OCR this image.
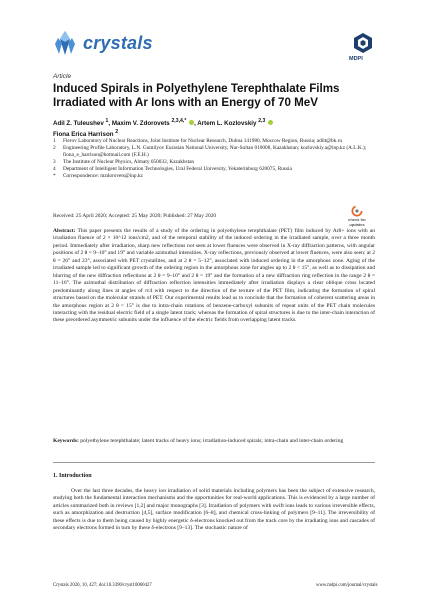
crystals
MDPI
Article
Induced Spirals in Polyethylene Terephthalate Films Irradiated with Ar Ions with an Energy of 70 MeV
Adil Z. Tuleushev $^1$, Maxim V. Zdorovets $^{2,3,4,*}$ , Artem L. Kozlovskiy $^{2,3}$
Fiona Erica Harrison $^2$
1	Flerov Laboratory of Nuclear Reactions, Joint Institute for Nuclear Research, Dubna 141980, Moscow Region, Russia; adilt@bk.ru
2	Engineering Profile Laboratory, L.N. Gumilyov Eurasian National University, Nur-Sultan 010008, Kazakhstan; kozlovskiy.a@inp.kz (A.L.K.); fiona_e_harrison@hotmail.com (F.E.H.)
3	The Institute of Nuclear Physics, Almaty 050032, Kazakhstan
4	Department of Intelligent Information Technologies, Ural Federal University, Yekaterinburg 620075, Russia
*	Correspondence: mzdorovets@inp.kz
check for updates
Received: 25 April 2020; Accepted: 25 May 2020; Published: 27 May 2020

Abstract: This paper presents the results of a study of the ordering in polyethylene terephthalate (PET) film induced by Ar8+ ions with an irradiation fluence of 2 × 10^12 ions/cm2, and of the temporal stability of the induced ordering in the irradiated sample, over a three month period. Immediately after irradiation, sharp new reflections not seen at lower fluences were observed in X-ray diffraction patterns, with angular positions of 2 θ = 9–10° and 19° and variable azimuthal intensities. X-ray reflections, previously observed at lower fluences, were also seen: at 2 θ = 26° and 23°, associated with PET crystallites, and at 2 θ = 5–12°, associated with induced ordering in the amorphous zone. Aging of the irradiated sample led to significant growth of the ordering region in the amorphous zone for angles up to 2 θ < 15°, as well as to dissipation and blurring of the new diffraction reflections at 2 θ = 9–10° and 2 θ = 19° and the formation of a new diffraction ring reflection in the range 2 θ = 11–16°. The azimuthal distribution of diffraction reflection intensities immediately after irradiation displays a clear oblique cross located predominantly along lines at angles of π/4 with respect to the direction of the texture of the PET film, indicating the formation of spiral structures based on the molecular strands of PET. Our experimental results lead us to conclude that the formation of coherent scattering areas in the amorphous region at 2 θ < 15° is due to intra-chain rotations of benzene-carboxyl subunits of repeat units of the PET chain molecules interacting with the residual electric field of a single latent track; whereas the formation of spiral structures is due to the inter-chain interaction of these preordered asymmetric subunits under the influence of the electric fields from overlapping latent tracks.

Keywords: polyethylene terephthalate; latent tracks of heavy ions; irradiation-induced spirals; intra-chain and inter-chain ordering

1. Introduction

Over the last three decades, the heavy ion irradiation of solid materials including polymers has been the subject of extensive research, studying both the fundamental interaction mechanisms and the opportunities for real-world applications. This is evidenced by a large number of articles summarized both in reviews [1,2] and major monographs [3]. Irradiation of polymers with swift ions leads to various irreversible effects, such as amorphization and destruction [4,5], surface modification [6–8], and chemical cross-linking of polymers [9–11]. The irreversibility of these effects is due to them being caused by highly energetic δ-electrons knocked out from the track core by the irradiating ions and cascades of secondary electrons formed in turn by these δ-electrons [9–13]. The stochastic nature of

Crystals 2020, 10, 427; doi:10.3390/cryst10060427	www.mdpi.com/journal/crystals
